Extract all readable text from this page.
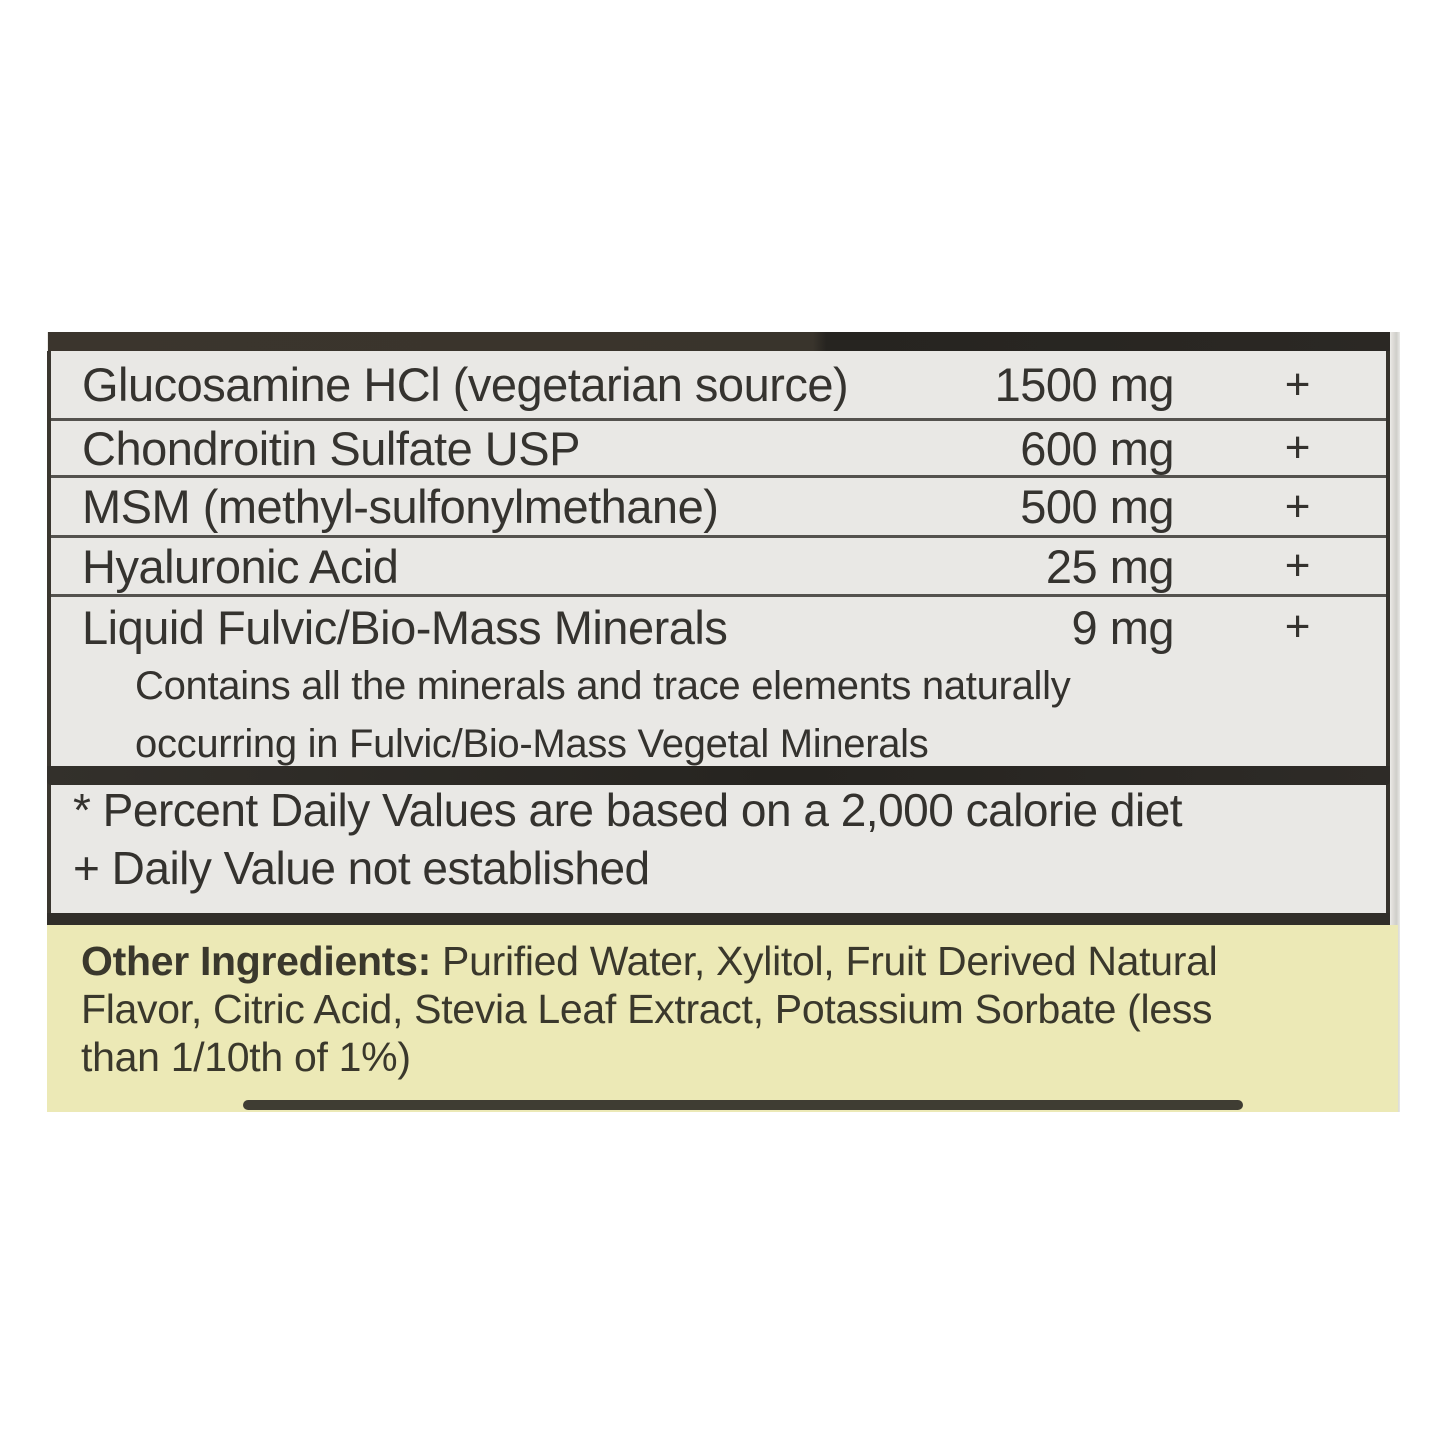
Glucosamine HCl (vegetarian source)	1500 mg	+
Chondroitin Sulfate USP	600 mg	+
MSM (methyl-sulfonylmethane)	500 mg	+
Hyaluronic Acid	25 mg	+
Liquid Fulvic/Bio-Mass Minerals	9 mg	+
Contains all the minerals and trace elements naturally
occurring in Fulvic/Bio-Mass Vegetal Minerals
* Percent Daily Values are based on a 2,000 calorie diet
+ Daily Value not established
Other Ingredients: Purified Water, Xylitol, Fruit Derived Natural
Flavor, Citric Acid, Stevia Leaf Extract, Potassium Sorbate (less
than 1/10th of 1%)
